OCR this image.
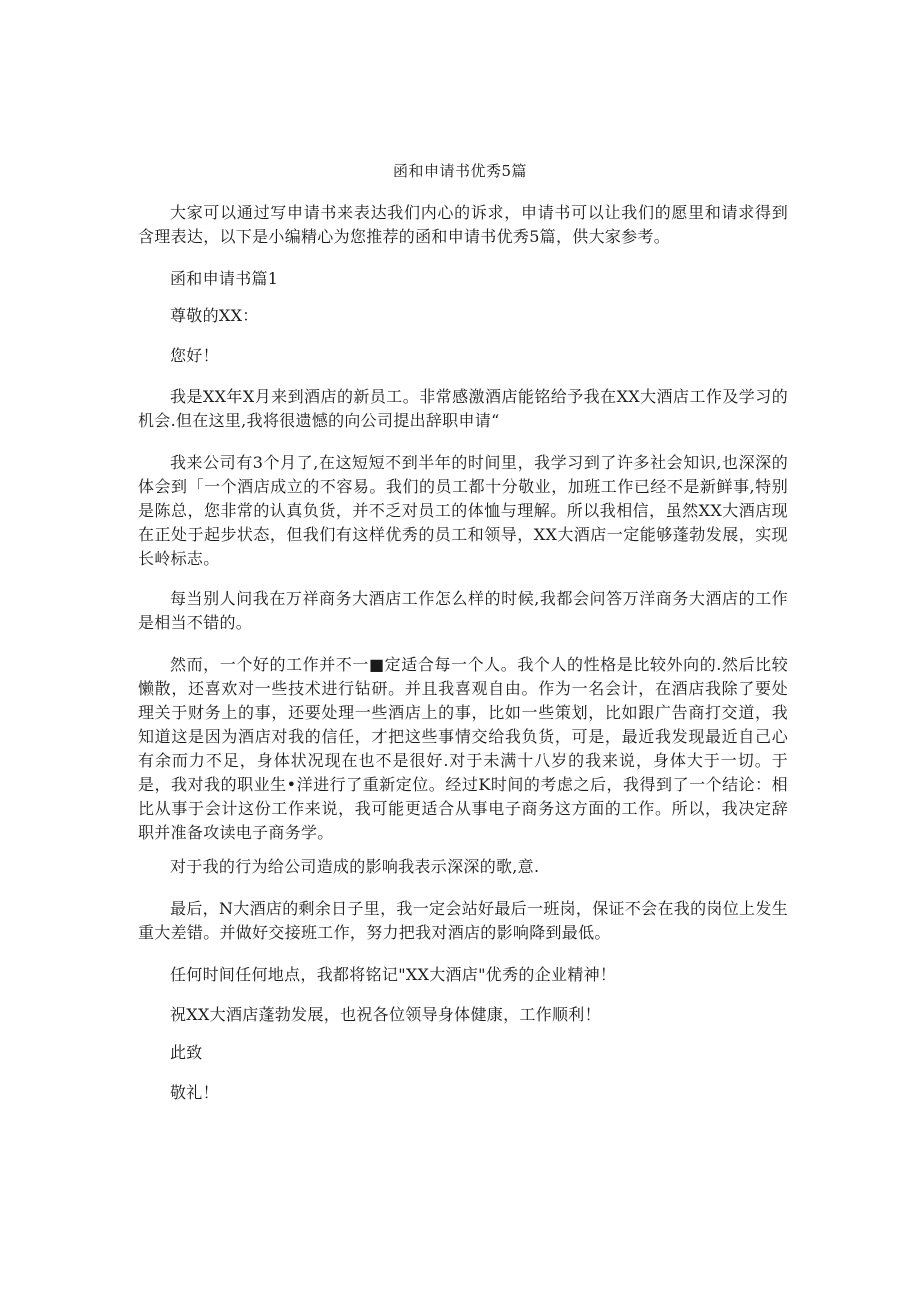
函和申请书优秀5篇

大家可以通过写申请书来表达我们内心的诉求，申请书可以让我们的愿里和请求得到含理表达，以下是小编精心为您推荐的函和申请书优秀5篇，供大家参考。

函和申请书篇1

尊敬的XX：

您好！

我是XX年X月来到酒店的新员工。非常感激酒店能铭给予我在XX大酒店工作及学习的机会.但在这里,我将很遗憾的向公司提出辞职申请“

我来公司有3个月了,在这短短不到半年的时间里，我学习到了许多社会知识,也深深的体会到「一个酒店成立的不容易。我们的员工都十分敬业，加班工作已经不是新鲜事,特别是陈总，您非常的认真负货，并不乏对员工的体恤与理解。所以我相信，虽然XX大酒店现在正处于起步状态，但我们有这样优秀的员工和领导，XX大酒店一定能够蓬勃发展，实现长岭标志。

每当别人问我在万祥商务大酒店工作怎么样的时候,我都会问答万洋商务大酒店的工作是相当不错的。

然而，一个好的工作并不一■定适合每一个人。我个人的性格是比较外向的.然后比较懒散，还喜欢对一些技术进行钻研。并且我喜观自由。作为一名会计，在酒店我除了要处理关于财务上的事，还要处理一些酒店上的事，比如一些策划，比如跟广告商打交道，我知道这是因为酒店对我的信任，才把这些事情交给我负货，可是，最近我发现最近自己心有余而力不足，身体状况现在也不是很好.对于未满十八岁的我来说，身体大于一切。于是，我对我的职业生•洋进行了重新定位。经过K时间的考虑之后，我得到了一个结论：相比从事于会计这份工作来说，我可能更适合从事电子商务这方面的工作。所以，我决定辞职并准备攻读电子商务学。

对于我的行为给公司造成的影响我表示深深的歌,意.

最后，N大酒店的剩余日子里，我一定会站好最后一班岗，保证不会在我的岗位上发生重大差错。并做好交接班工作，努力把我对酒店的影响降到最低。

任何时间任何地点，我都将铭记"XX大酒店"优秀的企业精神！

祝XX大酒店蓬勃发展，也祝各位领导身体健康，工作顺利！

此致

敬礼！
